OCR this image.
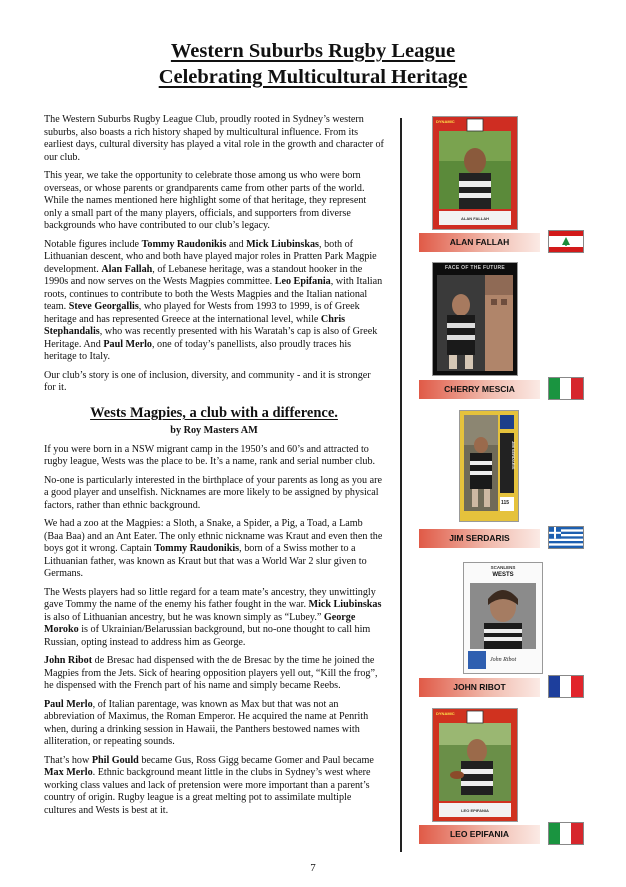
Western Suburbs Rugby League
Celebrating Multicultural Heritage

The Western Suburbs Rugby League Club, proudly rooted in Sydney’s western suburbs, also boasts a rich history shaped by multicultural influence. From its earliest days, cultural diversity has played a vital role in the growth and character of our club.

This year, we take the opportunity to celebrate those among us who were born overseas, or whose parents or grandparents came from other parts of the world. While the names mentioned here highlight some of that heritage, they represent only a small part of the many players, officials, and supporters from diverse backgrounds who have contributed to our club’s legacy.

Notable figures include Tommy Raudonikis and Mick Liubinskas, both of Lithuanian descent, who and both have played major roles in Pratten Park Magpie development. Alan Fallah, of Lebanese heritage, was a standout hooker in the 1990s and now serves on the Wests Magpies committee. Leo Epifania, with Italian roots, continues to contribute to both the Wests Magpies and the Italian national team. Steve Georgallis, who played for Wests from 1993 to 1999, is of Greek heritage and has represented Greece at the international level, while Chris Stephandalis, who was recently presented with his Waratah’s cap is also of Greek Heritage. And Paul Merlo, one of today’s panellists, also proudly traces his heritage to Italy.

Our club’s story is one of inclusion, diversity, and community - and it is stronger for it.

Wests Magpies, a club with a difference.

by Roy Masters AM

If you were born in a NSW migrant camp in the 1950’s and 60’s and attracted to rugby league, Wests was the place to be. It’s a name, rank and serial number club.

No-one is particularly interested in the birthplace of your parents as long as you are a good player and unselfish. Nicknames are more likely to be assigned by physical factors, rather than ethnic background.

We had a zoo at the Magpies: a Sloth, a Snake, a Spider, a Pig, a Toad, a Lamb (Baa Baa) and an Ant Eater. The only ethnic nickname was Kraut and even then the boys got it wrong. Captain Tommy Raudonikis, born of a Swiss mother to a Lithuanian father, was known as Kraut but that was a World War 2 slur given to Germans.

The Wests players had so little regard for a team mate’s ancestry, they unwittingly gave Tommy the name of the enemy his father fought in the war. Mick Liubinskas is also of Lithuanian ancestry, but he was known simply as “Lubey.” George Moroko is of Ukrainian/Belarussian background, but no-one thought to call him Russian, opting instead to address him as George.

John Ribot de Bresac had dispensed with the de Bresac by the time he joined the Magpies from the Jets. Sick of hearing opposition players yell out, “Kill the frog”, he dispensed with the French part of his name and simply became Reebs.

Paul Merlo, of Italian parentage, was known as Max but that was not an abbreviation of Maximus, the Roman Emperor. He acquired the name at Penrith when, during a drinking session in Hawaii, the Panthers bestowed names with alliteration, or repeating sounds.

That’s how Phil Gould became Gus, Ross Gigg became Gomer and Paul became Max Merlo. Ethnic background meant little in the clubs in Sydney’s west where working class values and lack of pretension were more important than a parent’s country of origin. Rugby league is a great melting pot to assimilate multiple cultures and Wests is best at it.

DYNAMIC
ALAN FALLAH
ALAN FALLAH
FACE OF THE FUTURE
CHERRY MESCIA
JIM SERDARIS
115
JIM SERDARIS
SCANLENS
WESTS
John Ribot
JOHN RIBOT
DYNAMIC
LEO EPIFANIA
LEO EPIFANIA
7
